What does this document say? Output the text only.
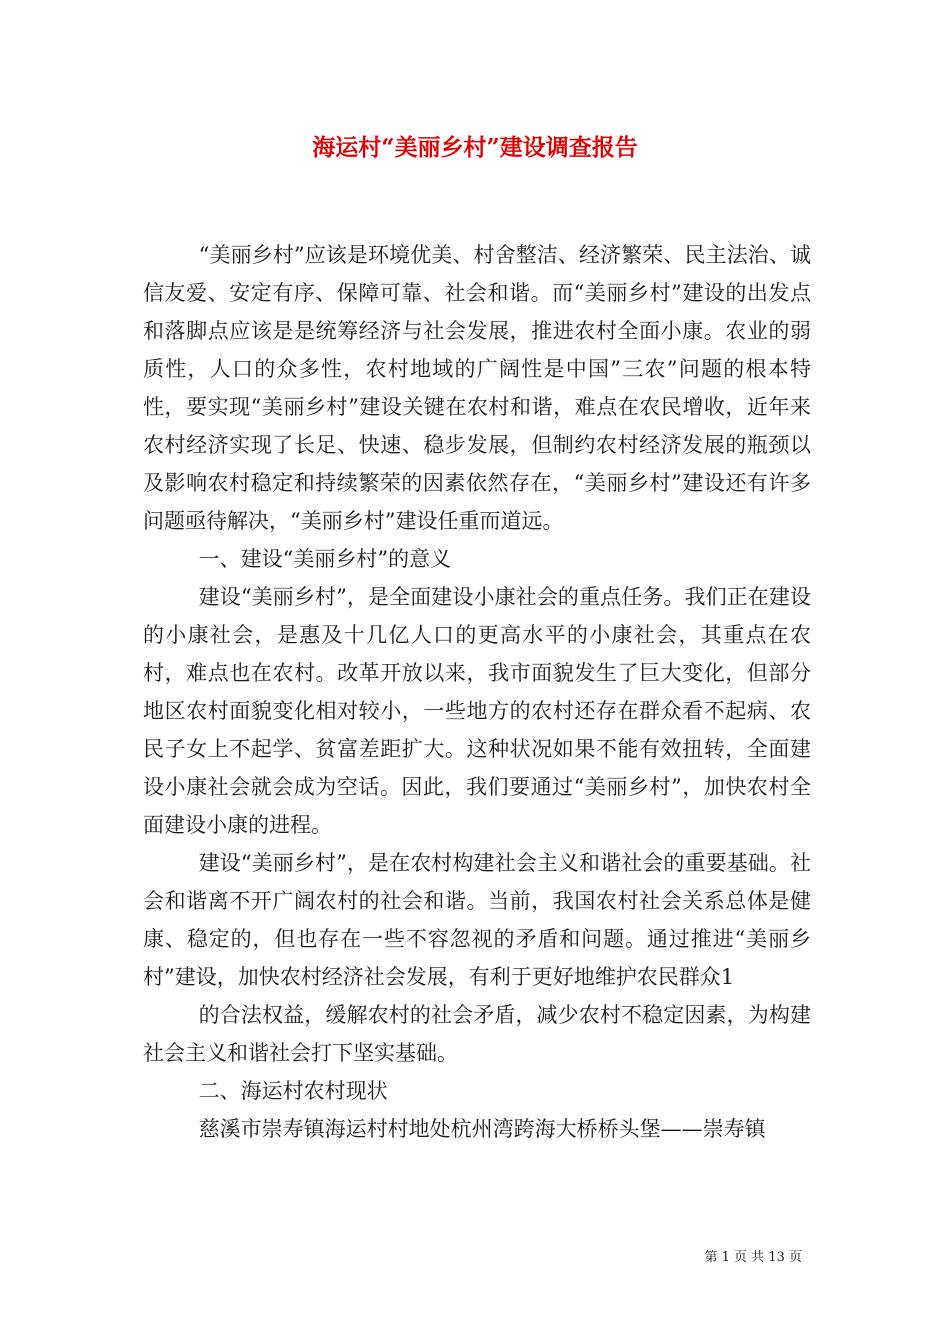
海运村“美丽乡村”建设调查报告

“美丽乡村”应该是环境优美、村舍整洁、经济繁荣、民主法治、诚信友爱、安定有序、保障可靠、社会和谐。而“美丽乡村”建设的出发点和落脚点应该是是统筹经济与社会发展，推进农村全面小康。农业的弱质性，人口的众多性，农村地域的广阔性是中国”三农”问题的根本特性，要实现“美丽乡村”建设关键在农村和谐，难点在农民增收，近年来农村经济实现了长足、快速、稳步发展，但制约农村经济发展的瓶颈以及影响农村稳定和持续繁荣的因素依然存在，“美丽乡村”建设还有许多问题亟待解决，“美丽乡村”建设任重而道远。

一、建设“美丽乡村”的意义

建设“美丽乡村”，是全面建设小康社会的重点任务。我们正在建设的小康社会，是惠及十几亿人口的更高水平的小康社会，其重点在农村，难点也在农村。改革开放以来，我市面貌发生了巨大变化，但部分地区农村面貌变化相对较小，一些地方的农村还存在群众看不起病、农民子女上不起学、贫富差距扩大。这种状况如果不能有效扭转，全面建设小康社会就会成为空话。因此，我们要通过“美丽乡村”，加快农村全面建设小康的进程。

建设“美丽乡村”，是在农村构建社会主义和谐社会的重要基础。社会和谐离不开广阔农村的社会和谐。当前，我国农村社会关系总体是健康、稳定的，但也存在一些不容忽视的矛盾和问题。通过推进“美丽乡村”建设，加快农村经济社会发展，有利于更好地维护农民群众1

的合法权益，缓解农村的社会矛盾，减少农村不稳定因素，为构建社会主义和谐社会打下坚实基础。

二、海运村农村现状

慈溪市崇寿镇海运村村地处杭州湾跨海大桥桥头堡——崇寿镇

第 1 页 共 13 页
